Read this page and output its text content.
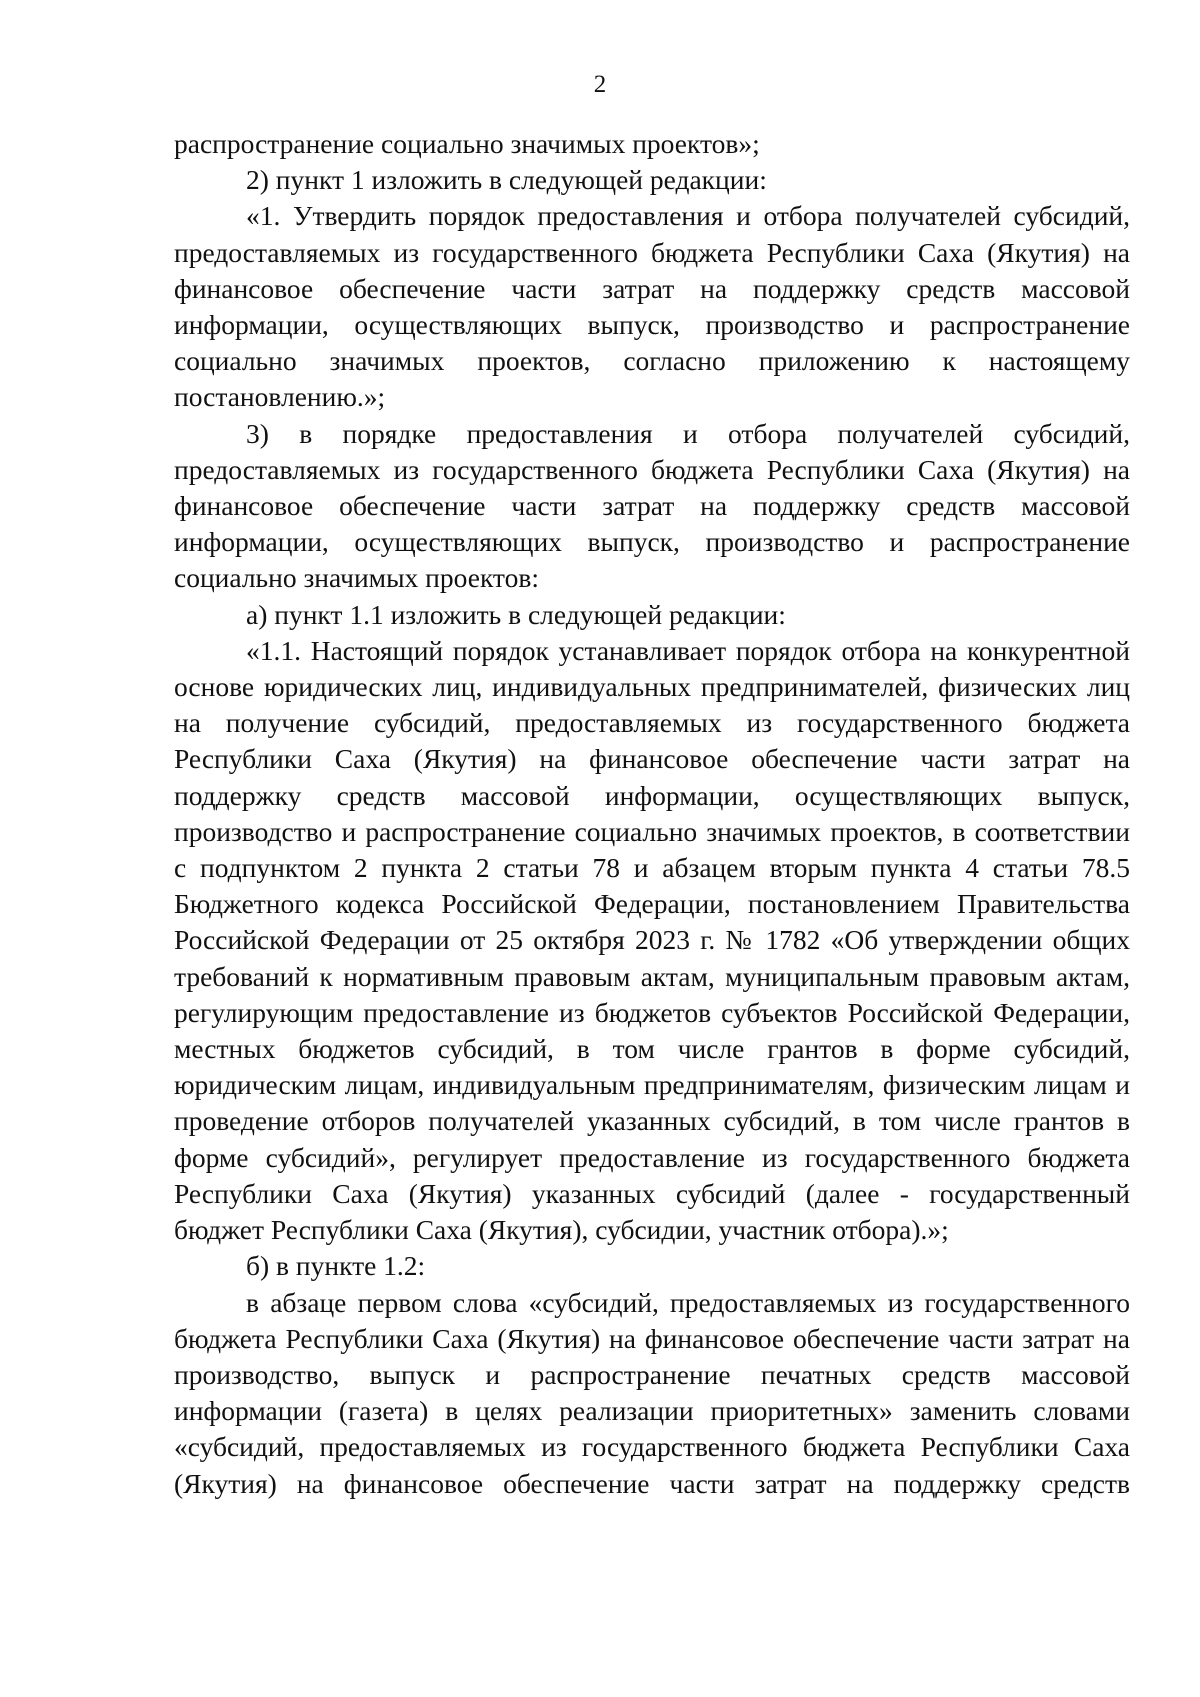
2

распространение социально значимых проектов»;

2) пункт 1 изложить в следующей редакции:

«1. Утвердить порядок предоставления и отбора получателей субсидий, предоставляемых из государственного бюджета Республики Саха (Якутия) на финансовое обеспечение части затрат на поддержку средств массовой информации, осуществляющих выпуск, производство и распространение социально значимых проектов, согласно приложению к настоящему постановлению.»;

3) в порядке предоставления и отбора получателей субсидий, предоставляемых из государственного бюджета Республики Саха (Якутия) на финансовое обеспечение части затрат на поддержку средств массовой информации, осуществляющих выпуск, производство и распространение социально значимых проектов:

а) пункт 1.1 изложить в следующей редакции:

«1.1. Настоящий порядок устанавливает порядок отбора на конкурентной основе юридических лиц, индивидуальных предпринимателей, физических лиц на получение субсидий, предоставляемых из государственного бюджета Республики Саха (Якутия) на финансовое обеспечение части затрат на поддержку средств массовой информации, осуществляющих выпуск, производство и распространение социально значимых проектов, в соответствии с подпунктом 2 пункта 2 статьи 78 и абзацем вторым пункта 4 статьи 78.5 Бюджетного кодекса Российской Федерации, постановлением Правительства Российской Федерации от 25 октября 2023 г. № 1782 «Об утверждении общих требований к нормативным правовым актам, муниципальным правовым актам, регулирующим предоставление из бюджетов субъектов Российской Федерации, местных бюджетов субсидий, в том числе грантов в форме субсидий, юридическим лицам, индивидуальным предпринимателям, физическим лицам и проведение отборов получателей указанных субсидий, в том числе грантов в форме субсидий», регулирует предоставление из государственного бюджета Республики Саха (Якутия) указанных субсидий (далее - государственный бюджет Республики Саха (Якутия), субсидии, участник отбора).»;

б) в пункте 1.2:

в абзаце первом слова «субсидий, предоставляемых из государственного бюджета Республики Саха (Якутия) на финансовое обеспечение части затрат на производство, выпуск и распространение печатных средств массовой информации (газета) в целях реализации приоритетных» заменить словами «субсидий, предоставляемых из государственного бюджета Республики Саха (Якутия) на финансовое обеспечение части затрат на поддержку средств
